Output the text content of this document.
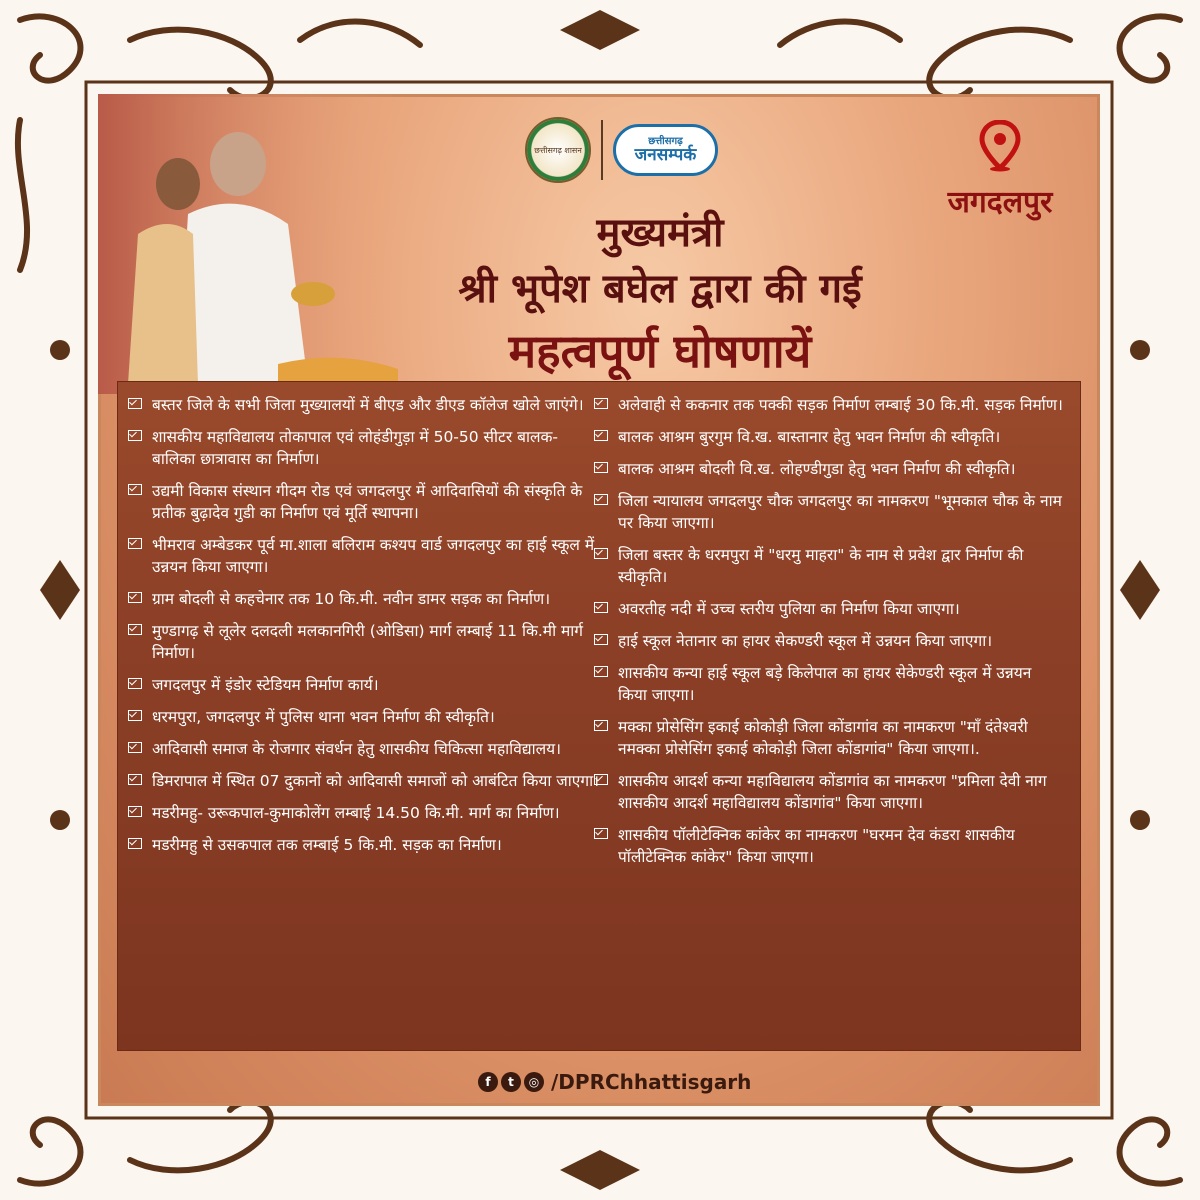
छत्तीसगढ़ शासन
छत्तीसगढ़
जनसम्पर्क
जगदलपुर
मुख्यमंत्री
श्री भूपेश बघेल द्वारा की गई
महत्वपूर्ण घोषणायें
बस्तर जिले के सभी जिला मुख्यालयों में बीएड और डीएड कॉलेज खोले जाएंगे।
शासकीय महाविद्यालय तोकापाल एवं लोहंडीगुड़ा में 50-50 सीटर बालक-बालिका छात्रावास का निर्माण।
उद्यमी विकास संस्थान गीदम रोड एवं जगदलपुर में आदिवासियों की संस्कृति के प्रतीक बुढ़ादेव गुडी का निर्माण एवं मूर्ति स्थापना।
भीमराव अम्बेडकर पूर्व मा.शाला बलिराम कश्यप वार्ड जगदलपुर का हाई स्कूल में उन्नयन किया जाएगा।
ग्राम बोदली से कहचेनार तक 10 कि.मी. नवीन डामर सड़क का निर्माण।
मुण्डागढ़ से लूलेर दलदली मलकानगिरी (ओडिसा) मार्ग लम्बाई 11 कि.मी मार्ग निर्माण।
जगदलपुर में इंडोर स्टेडियम निर्माण कार्य।
धरमपुरा, जगदलपुर में पुलिस थाना भवन निर्माण की स्वीकृति।
आदिवासी समाज के रोजगार संवर्धन हेतु शासकीय चिकित्सा महाविद्यालय।
डिमरापाल में स्थित 07 दुकानों को आदिवासी समाजों को आबंटित किया जाएगा।
मडरीमहु- उरूकपाल-कुमाकोलेंग लम्बाई 14.50 कि.मी. मार्ग का निर्माण।
मडरीमहु से उसकपाल तक लम्बाई 5 कि.मी. सड़क का निर्माण।
अलेवाही से ककनार तक पक्की सड़क निर्माण लम्बाई 30 कि.मी. सड़क निर्माण।
बालक आश्रम बुरगुम वि.ख. बास्तानार हेतु भवन निर्माण की स्वीकृति।
बालक आश्रम बोदली वि.ख. लोहण्डीगुडा हेतु भवन निर्माण की स्वीकृति।
जिला न्यायालय जगदलपुर चौक जगदलपुर का नामकरण "भूमकाल चौक के नाम पर किया जाएगा।
जिला बस्तर के धरमपुरा में "धरमु माहरा" के नाम से प्रवेश द्वार निर्माण की स्वीकृति।
अवरतीह नदी में उच्च स्तरीय पुलिया का निर्माण किया जाएगा।
हाई स्कूल नेतानार का हायर सेकण्डरी स्कूल में उन्नयन किया जाएगा।
शासकीय कन्या हाई स्कूल बड़े किलेपाल का हायर सेकेण्डरी स्कूल में उन्नयन किया जाएगा।
मक्का प्रोसेसिंग इकाई कोकोड़ी जिला कोंडागांव का नामकरण "माँ दंतेश्वरी नमक्का प्रोसेसिंग इकाई कोकोड़ी जिला कोंडागांव" किया जाएगा।.
शासकीय आदर्श कन्या महाविद्यालय कोंडागांव का नामकरण "प्रमिला देवी नाग शासकीय आदर्श महाविद्यालय कोंडागांव" किया जाएगा।
शासकीय पॉलीटेक्निक कांकेर का नामकरण "घरमन देव कंडरा शासकीय पॉलीटेक्निक कांकेर" किया जाएगा।
f	t	◎ /DPRChhattisgarh
